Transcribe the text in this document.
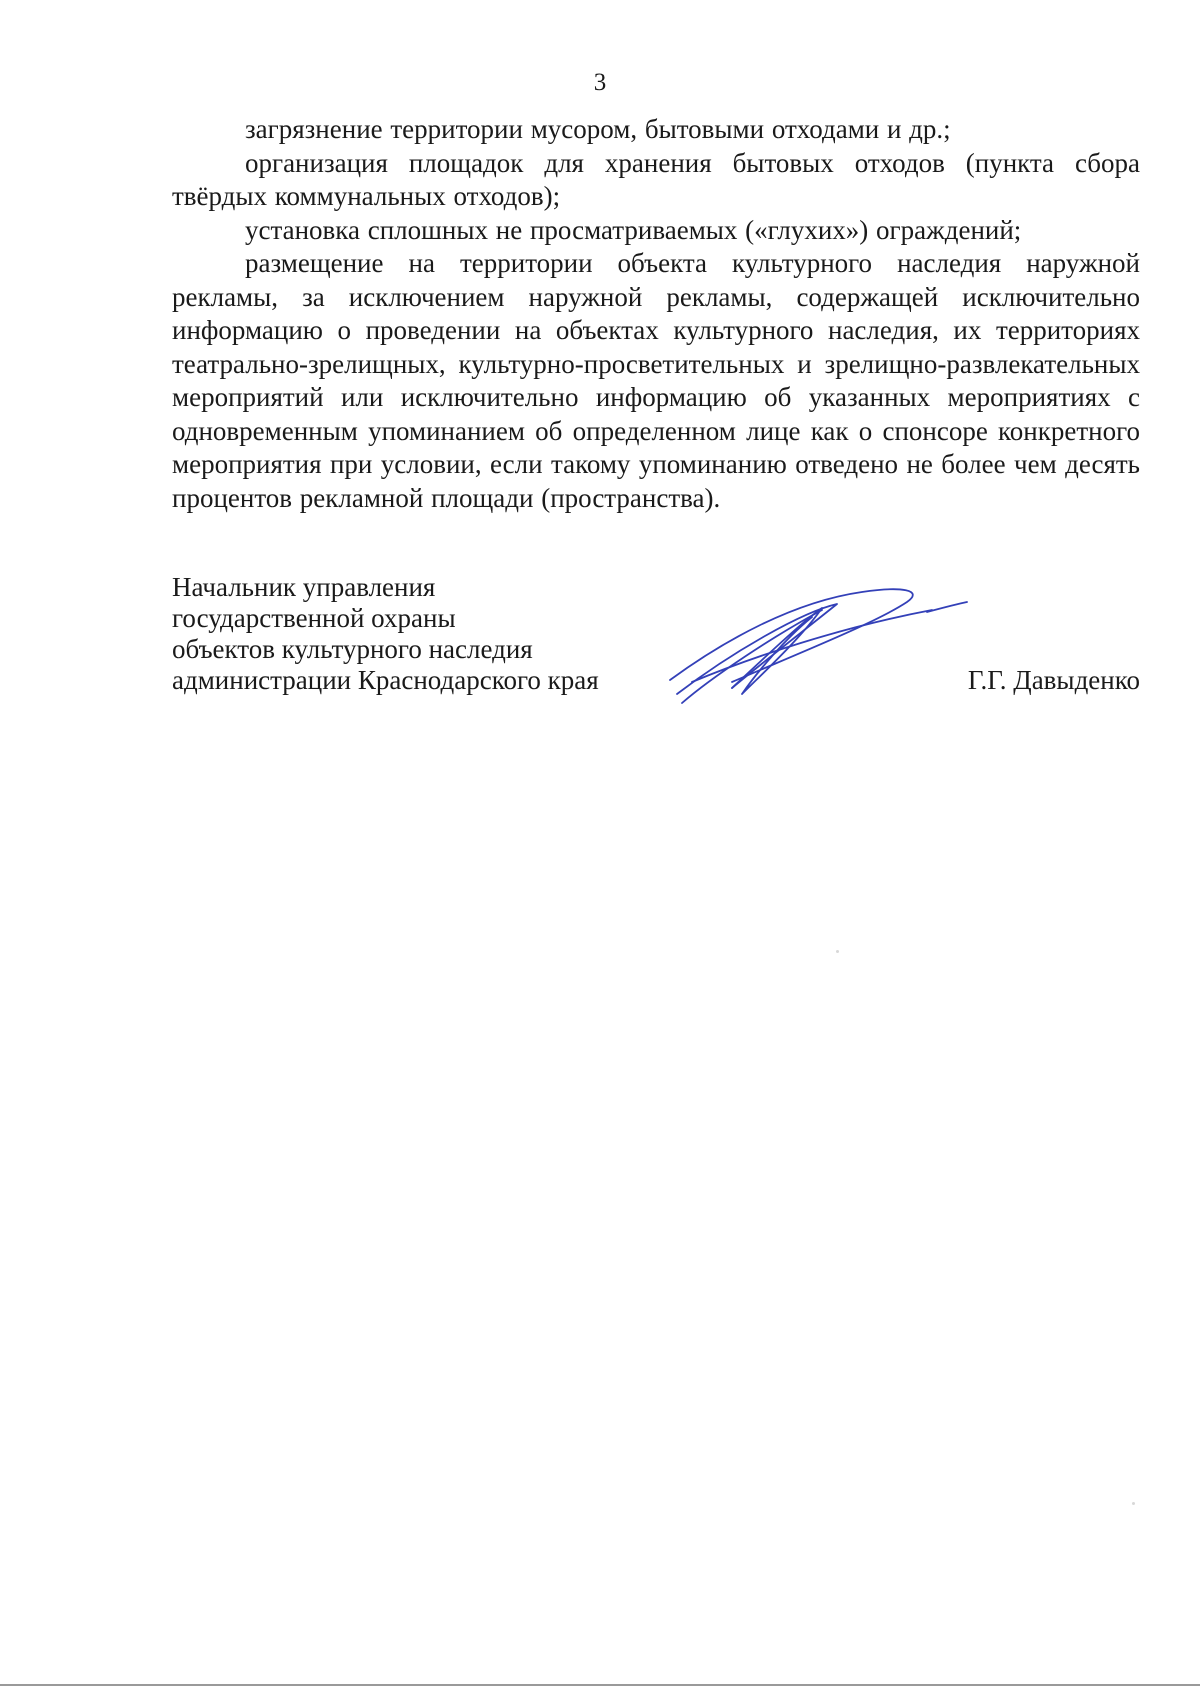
3

загрязнение территории мусором, бытовыми отходами и др.;

организация площадок для хранения бытовых отходов (пункта сбора твёрдых коммунальных отходов);

установка сплошных не просматриваемых («глухих») ограждений;

размещение на территории объекта культурного наследия наружной рекламы, за исключением наружной рекламы, содержащей исключительно информацию о проведении на объектах культурного наследия, их территориях театрально-зрелищных, культурно-просветительных и зрелищно-развлекательных мероприятий или исключительно информацию об указанных мероприятиях с одновременным упоминанием об определенном лице как о спонсоре конкретного мероприятия при условии, если такому упоминанию отведено не более чем десять процентов рекламной площади (пространства).

Начальник управления
государственной охраны
объектов культурного наследия
администрации Краснодарского края	Г.Г. Давыденко
